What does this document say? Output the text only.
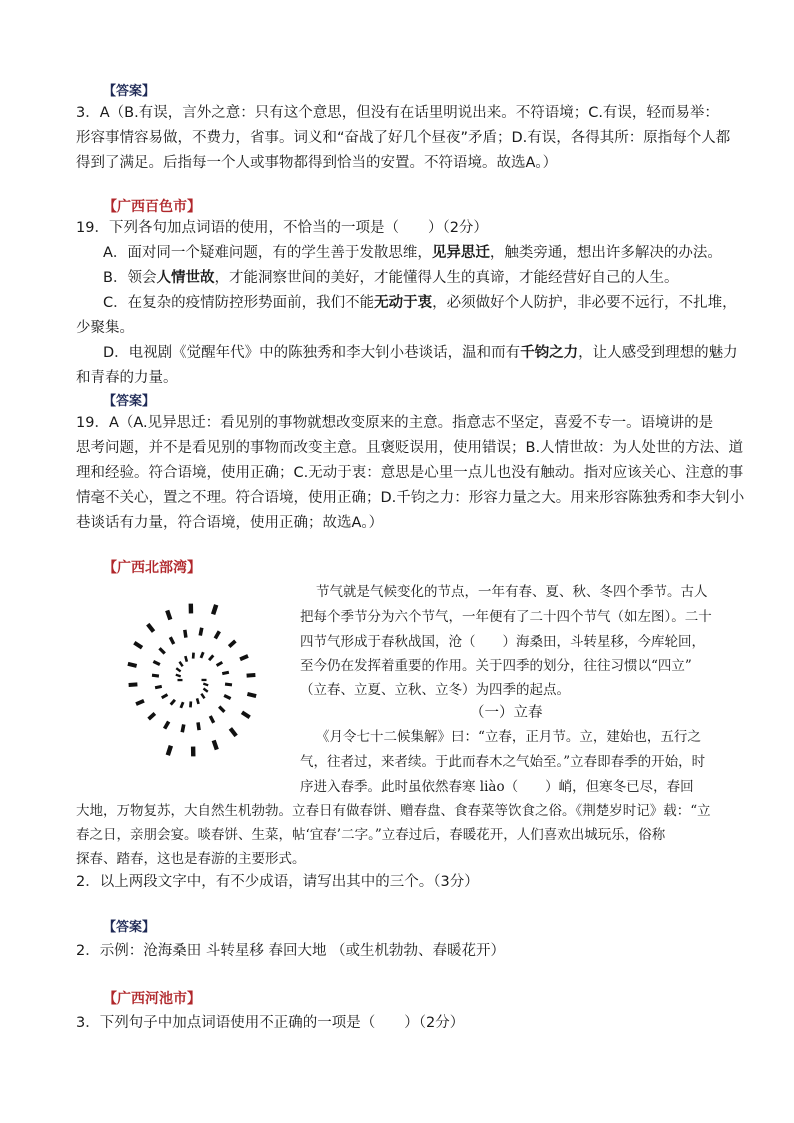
【答案】
3．A（B.有误，言外之意：只有这个意思，但没有在话里明说出来。不符语境；C.有误，轻而易举：
形容事情容易做，不费力，省事。词义和“奋战了好几个昼夜”矛盾；D.有误，各得其所：原指每个人都
得到了满足。后指每一个人或事物都得到恰当的安置。不符语境。故选A。）
【广西百色市】
19．下列各句加点词语的使用，不恰当的一项是（　　）（2分）
A．面对同一个疑难问题，有的学生善于发散思维，见异思迁，触类旁通，想出许多解决的办法。
B．领会人情世故，才能洞察世间的美好，才能懂得人生的真谛，才能经营好自己的人生。
C．在复杂的疫情防控形势面前，我们不能无动于衷，必须做好个人防护，非必要不远行，不扎堆，
少聚集。
D．电视剧《觉醒年代》中的陈独秀和李大钊小巷谈话，温和而有千钧之力，让人感受到理想的魅力
和青春的力量。
【答案】
19．A（A.见异思迁：看见别的事物就想改变原来的主意。指意志不坚定，喜爱不专一。语境讲的是
思考问题，并不是看见别的事物而改变主意。且褒贬误用，使用错误；B.人情世故：为人处世的方法、道
理和经验。符合语境，使用正确；C.无动于衷：意思是心里一点儿也没有触动。指对应该关心、注意的事
情毫不关心，置之不理。符合语境，使用正确；D.千钧之力：形容力量之大。用来形容陈独秀和李大钊小
巷谈话有力量，符合语境，使用正确；故选A。）
【广西北部湾】
节气就是气候变化的节点，一年有春、夏、秋、冬四个季节。古人
把每个季节分为六个节气，一年便有了二十四个节气（如左图）。二十
四节气形成于春秋战国，沧（　　）海桑田，斗转星移，今库轮回，
至今仍在发挥着重要的作用。关于四季的划分，往往习惯以“四立”
（立春、立夏、立秋、立冬）为四季的起点。
（一）立春
《月令七十二候集解》曰：“立春，正月节。立，建始也，五行之
气，往者过，来者续。于此而春木之气始至。”立春即春季的开始，时
序进入春季。此时虽依然春寒 liào（　　）峭，但寒冬已尽，春回
大地，万物复苏，大自然生机勃勃。立春日有做春饼、赠春盘、食春菜等饮食之俗。《荆楚岁时记》载：“立
春之日，亲朋会宴。啖春饼、生菜，帖‘宜春’二字。”立春过后，春暖花开，人们喜欢出城玩乐，俗称
探春、踏春，这也是春游的主要形式。
2．以上两段文字中，有不少成语，请写出其中的三个。（3分）
【答案】
2．示例：沧海桑田 斗转星移 春回大地 （或生机勃勃、春暖花开）
【广西河池市】
3．下列句子中加点词语使用不正确的一项是（　　）（2分）
